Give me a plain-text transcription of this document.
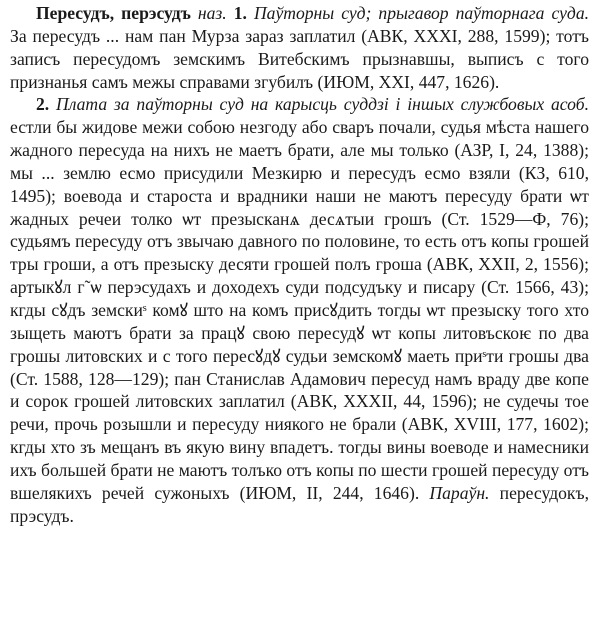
Пересудъ, перэсудъ наз. 1. Паўторны суд; прыгавор паўторнага суда. За пересудъ ... нам пан Мурза зараз заплатил (АВК, XXXI, 288, 1599); тотъ записъ пересудомъ земскимъ Витебскимъ прызнавшы, выписъ с того признанья самъ межы справами згубилъ (ИЮМ, XXI, 447, 1626).

2. Плата за паўторны суд на карысць суддзі і іншых службовых асоб. естли бы жидове межи собою незгоду або сваръ почали, судья мѣста нашего жадного пересуда на нихъ не маетъ брати, але мы только (АЗР, I, 24, 1388); мы ... землю есмо присудили Мезкирю и пересудъ есмо взяли (КЗ, 610, 1495); воевода и староста и врадники наши не маютъ пересуду брати ѡт жадных речеи толко ѡт презысканѧ десѧтыи грошъ (Ст. 1529—Ф, 76); судьямъ пересуду отъ звычаю давного по половине, то есть отъ копы грошей тры гроши, а отъ презыску десяти грошей полъ гроша (АВК, XXII, 2, 1556); артыкꙋл г̃ ѡ перэсудахъ и доходехъ суди подсудъку и писару (Ст. 1566, 43); кгды сꙋдъ земскиˢ комꙋ што на комъ присꙋдить тогды ѡт презыску того хто зыщеть маютъ брати за працꙋ свою пересудꙋ ѡт копы литовъскоѥ по два грошы литовских и с того пересꙋдꙋ судьи земскомꙋ маеть приˢти грошы два (Ст. 1588, 128—129); пан Станислав Адамович пересуд намъ враду две копе и сорок грошей литовских заплатил (АВК, XXXII, 44, 1596); не судечы тое речи, прочь розышли и пересуду ниякого не брали (АВК, XVIII, 177, 1602); кгды хто зъ мещанъ въ якую вину впадетъ. тогды вины воеводе и намесники ихъ большей брати не маютъ толъко отъ копы по шести грошей пересуду отъ вшелякихъ речей сужоныхъ (ИЮМ, II, 244, 1646). Параўн. пересудокъ, прэсудъ.
